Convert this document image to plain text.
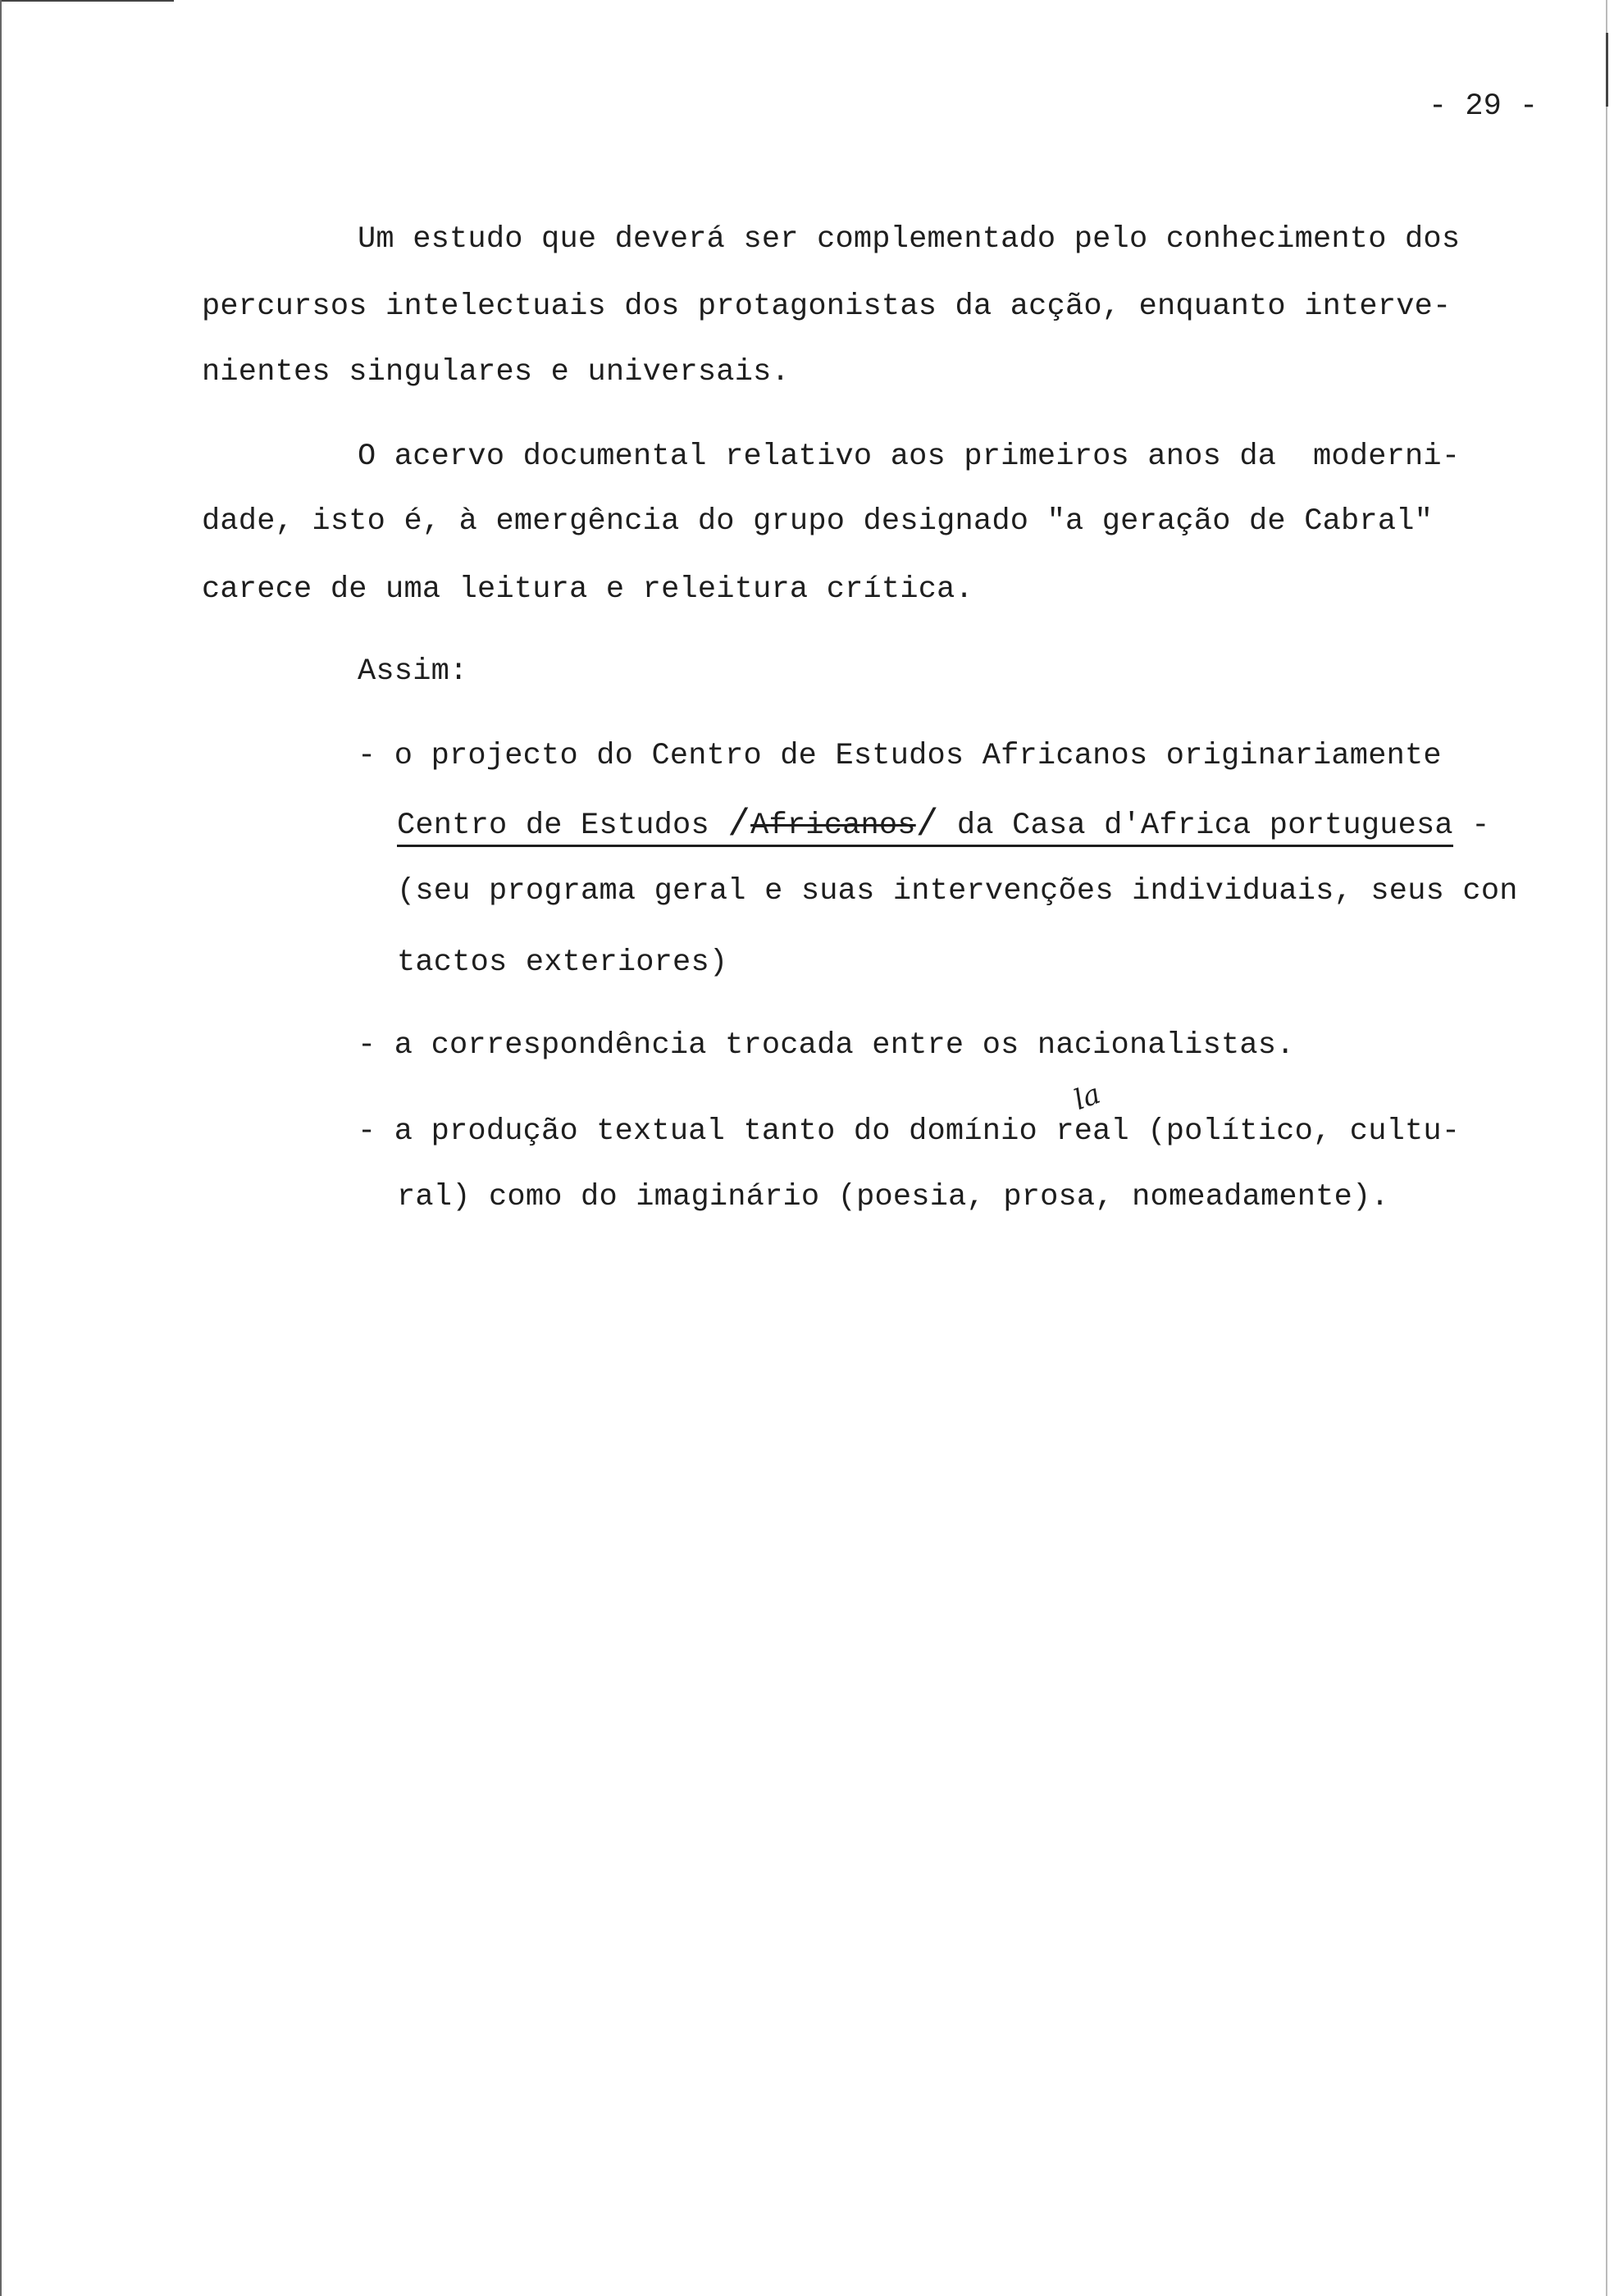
- 29 -
Um estudo que deverá ser complementado pelo conhecimento dos
percursos intelectuais dos protagonistas da acção, enquanto interve-
nientes singulares e universais.
O acervo documental relativo aos primeiros anos da  moderni-
dade, isto é, à emergência do grupo designado "a geração de Cabral"
carece de uma leitura e releitura crítica.
Assim:
- o projecto do Centro de Estudos Africanos originariamente
Centro de Estudos /Africanos/ da Casa d'Africa portuguesa -
(seu programa geral e suas intervenções individuais, seus con
tactos exteriores)
- a correspondência trocada entre os nacionalistas.
la
- a produção textual tanto do domínio real (político, cultu-
ral) como do imaginário (poesia, prosa, nomeadamente).
